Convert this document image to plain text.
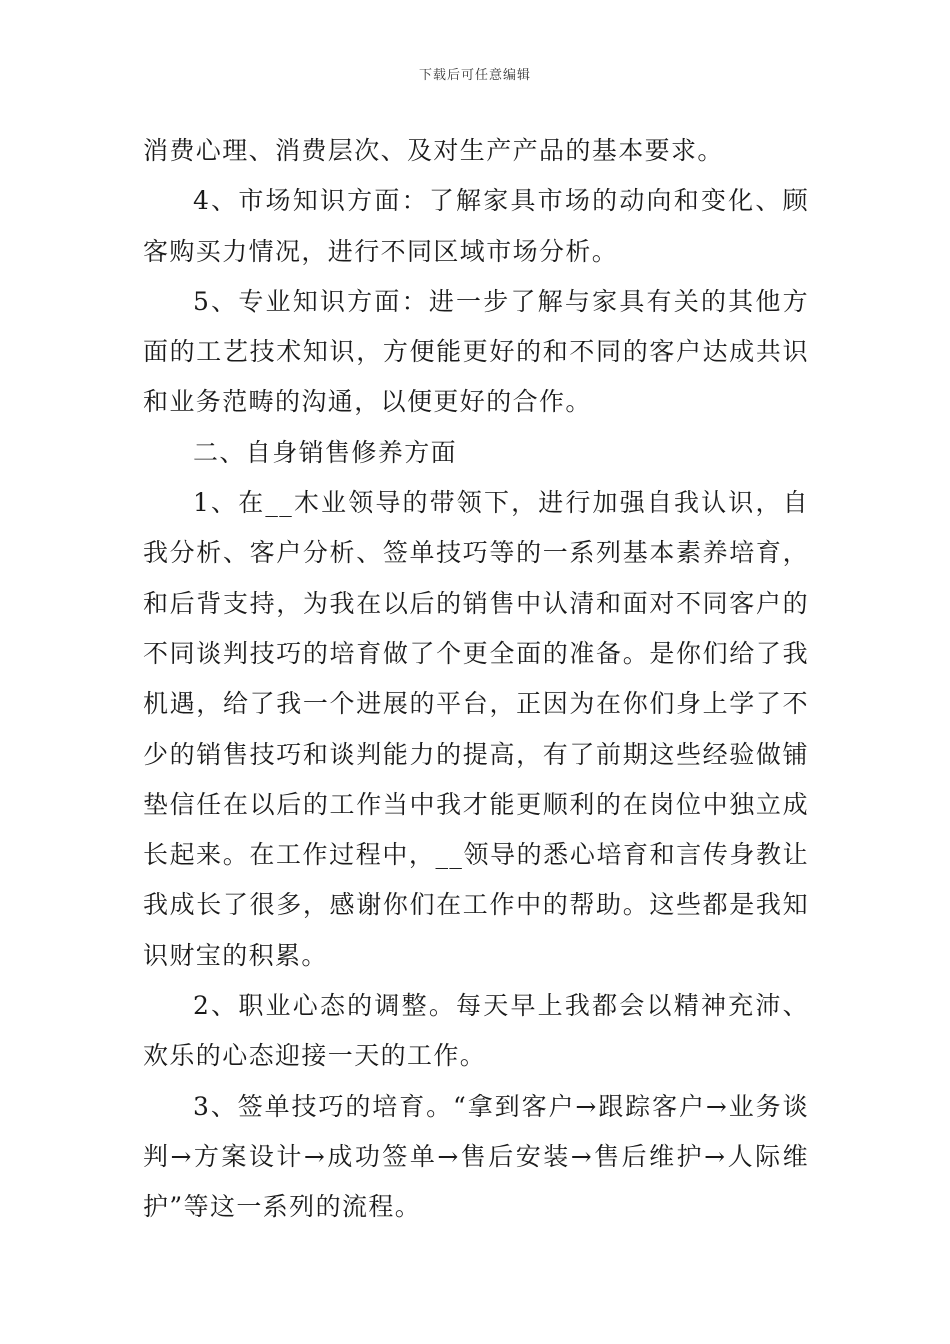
下载后可任意编辑

消费心理、消费层次、及对生产产品的基本要求。

4、市场知识方面：了解家具市场的动向和变化、顾客购买力情况，进行不同区域市场分析。

5、专业知识方面：进一步了解与家具有关的其他方面的工艺技术知识，方便能更好的和不同的客户达成共识和业务范畴的沟通，以便更好的合作。

二、自身销售修养方面

1、在__木业领导的带领下，进行加强自我认识，自我分析、客户分析、签单技巧等的一系列基本素养培育，和后背支持，为我在以后的销售中认清和面对不同客户的不同谈判技巧的培育做了个更全面的准备。是你们给了我机遇，给了我一个进展的平台，正因为在你们身上学了不少的销售技巧和谈判能力的提高，有了前期这些经验做铺垫信任在以后的工作当中我才能更顺利的在岗位中独立成长起来。在工作过程中，__领导的悉心培育和言传身教让我成长了很多，感谢你们在工作中的帮助。这些都是我知识财宝的积累。

2、职业心态的调整。每天早上我都会以精神充沛、欢乐的心态迎接一天的工作。

3、签单技巧的培育。“拿到客户→跟踪客户→业务谈判→方案设计→成功签单→售后安装→售后维护→人际维护”等这一系列的流程。
